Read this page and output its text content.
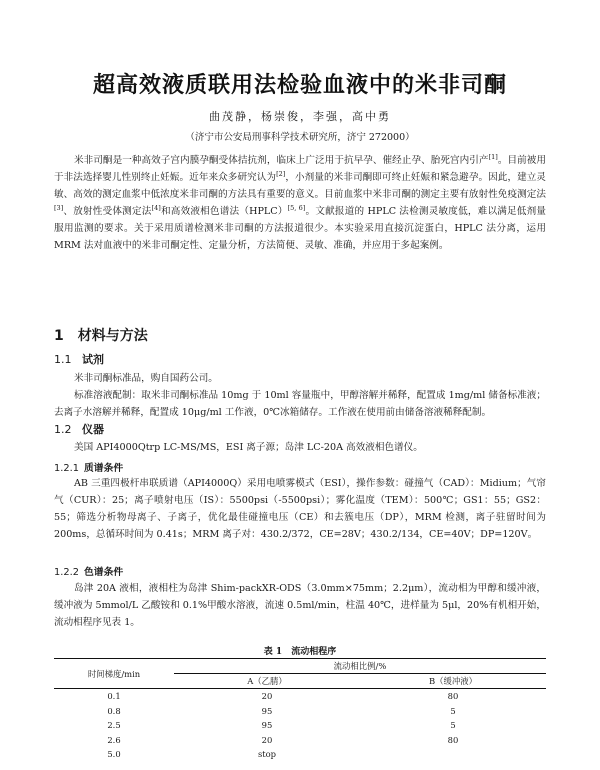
超高效液质联用法检验血液中的米非司酮
曲茂静，杨崇俊，李强，高中勇
（济宁市公安局刑事科学技术研究所，济宁 272000）

米非司酮是一种高效子宫内膜孕酮受体拮抗剂，临床上广泛用于抗早孕、催经止孕、胎死宫内引产[1]。目前被用于非法选择婴儿性别终止妊娠。近年来众多研究认为[2]，小剂量的米非司酮即可终止妊娠和紧急避孕。因此，建立灵敏、高效的测定血浆中低浓度米非司酮的方法具有重要的意义。目前血浆中米非司酮的测定主要有放射性免疫测定法[3]、放射性受体测定法[4]和高效液相色谱法（HPLC）[5, 6]。文献报道的 HPLC 法检测灵敏度低，难以满足低剂量服用监测的要求。关于采用质谱检测米非司酮的方法报道很少。本实验采用直接沉淀蛋白，HPLC 法分离，运用 MRM 法对血液中的米非司酮定性、定量分析，方法简便、灵敏、准确，并应用于多起案例。

1 材料与方法
1.1 试剂

米非司酮标准品，购自国药公司。

标准溶液配制：取米非司酮标准品 10mg 于 10ml 容量瓶中，甲醇溶解并稀释，配置成 1mg/ml 储备标准液；去离子水溶解并稀释，配置成 10μg/ml 工作液，0℃冰箱储存。工作液在使用前由储备溶液稀释配制。

1.2 仪器

美国 API4000Qtrp LC-MS/MS，ESI 离子源；岛津 LC-20A 高效液相色谱仪。

1.2.1 质谱条件

AB 三重四极杆串联质谱（API4000Q）采用电喷雾模式（ESI），操作参数：碰撞气（CAD）：Midium；气帘气（CUR）：25；离子喷射电压（IS）：5500psi（-5500psi）；雾化温度（TEM）：500℃；GS1：55；GS2：55；筛选分析物母离子、子离子，优化最佳碰撞电压（CE）和去簇电压（DP），MRM 检测，离子驻留时间为 200ms，总循环时间为 0.41s；MRM 离子对：430.2/372，CE=28V；430.2/134，CE=40V；DP=120V。

1.2.2 色谱条件

岛津 20A 液相，液相柱为岛津 Shim-packXR-ODS（3.0mm×75mm；2.2μm），流动相为甲醇和缓冲液，缓冲液为 5mmol/L 乙酸铵和 0.1%甲酸水溶液，流速 0.5ml/min，柱温 40℃，进样量为 5μl，20%有机相开始，流动相程序见表 1。

表 1　流动相程序
时间梯度/min	流动相比例/%	
	A（乙腈）	B（缓冲液）
0.1	20	80
0.8	95	5
2.5	95	5
2.6	20	80
5.0	stop	
